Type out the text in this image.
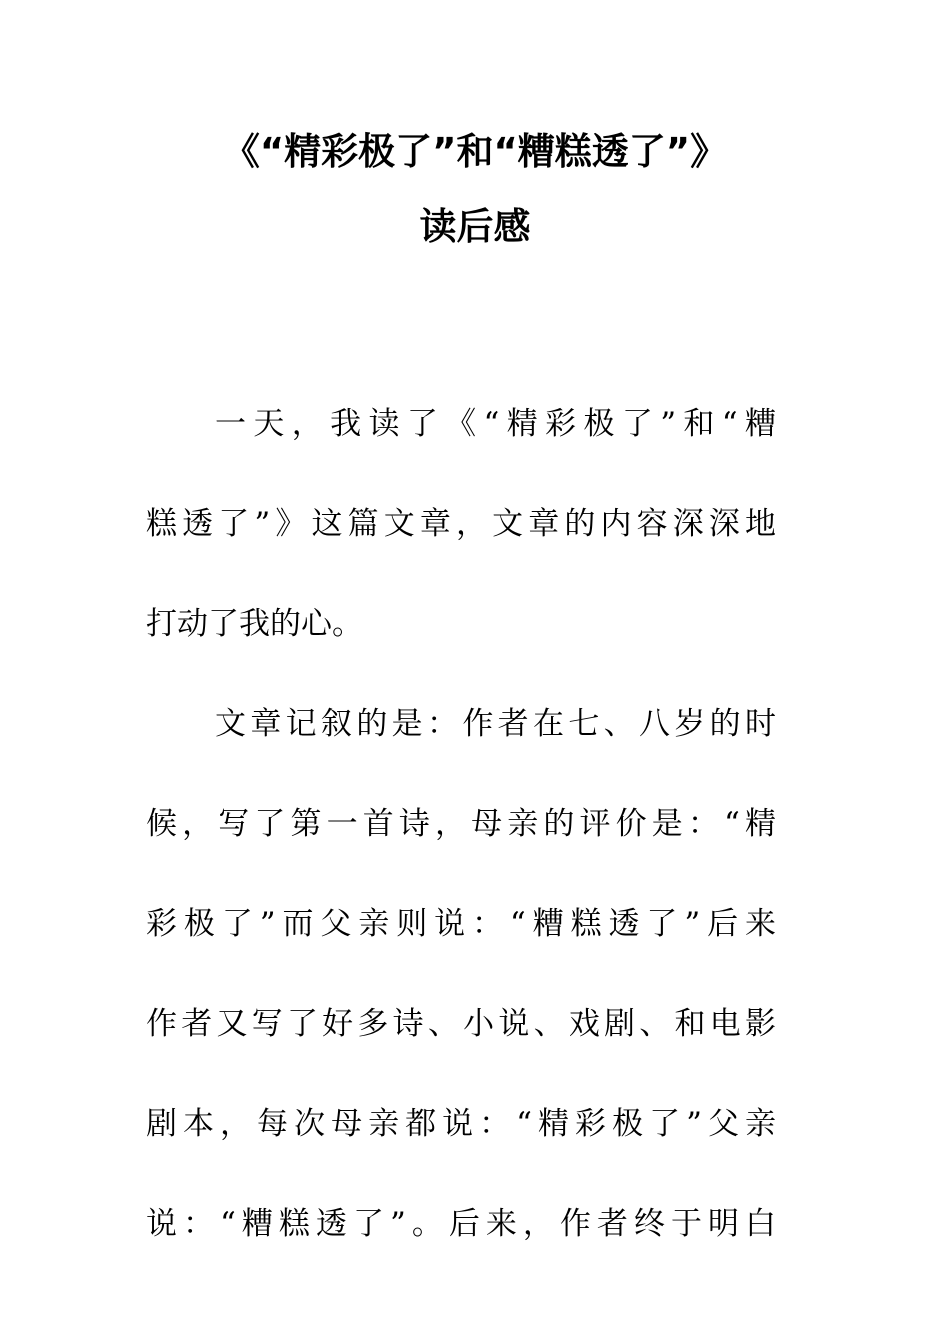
《“精彩极了”和“糟糕透了”》
读后感
一天，我读了《“精彩极了”和“糟
糕透了”》这篇文章，文章的内容深深地
打动了我的心。
文章记叙的是：作者在七、八岁的时
候，写了第一首诗，母亲的评价是：“精
彩极了”而父亲则说：“糟糕透了”后来
作者又写了好多诗、小说、戏剧、和电影
剧本，每次母亲都说：“精彩极了”父亲
说：“糟糕透了”。后来，作者终于明白
